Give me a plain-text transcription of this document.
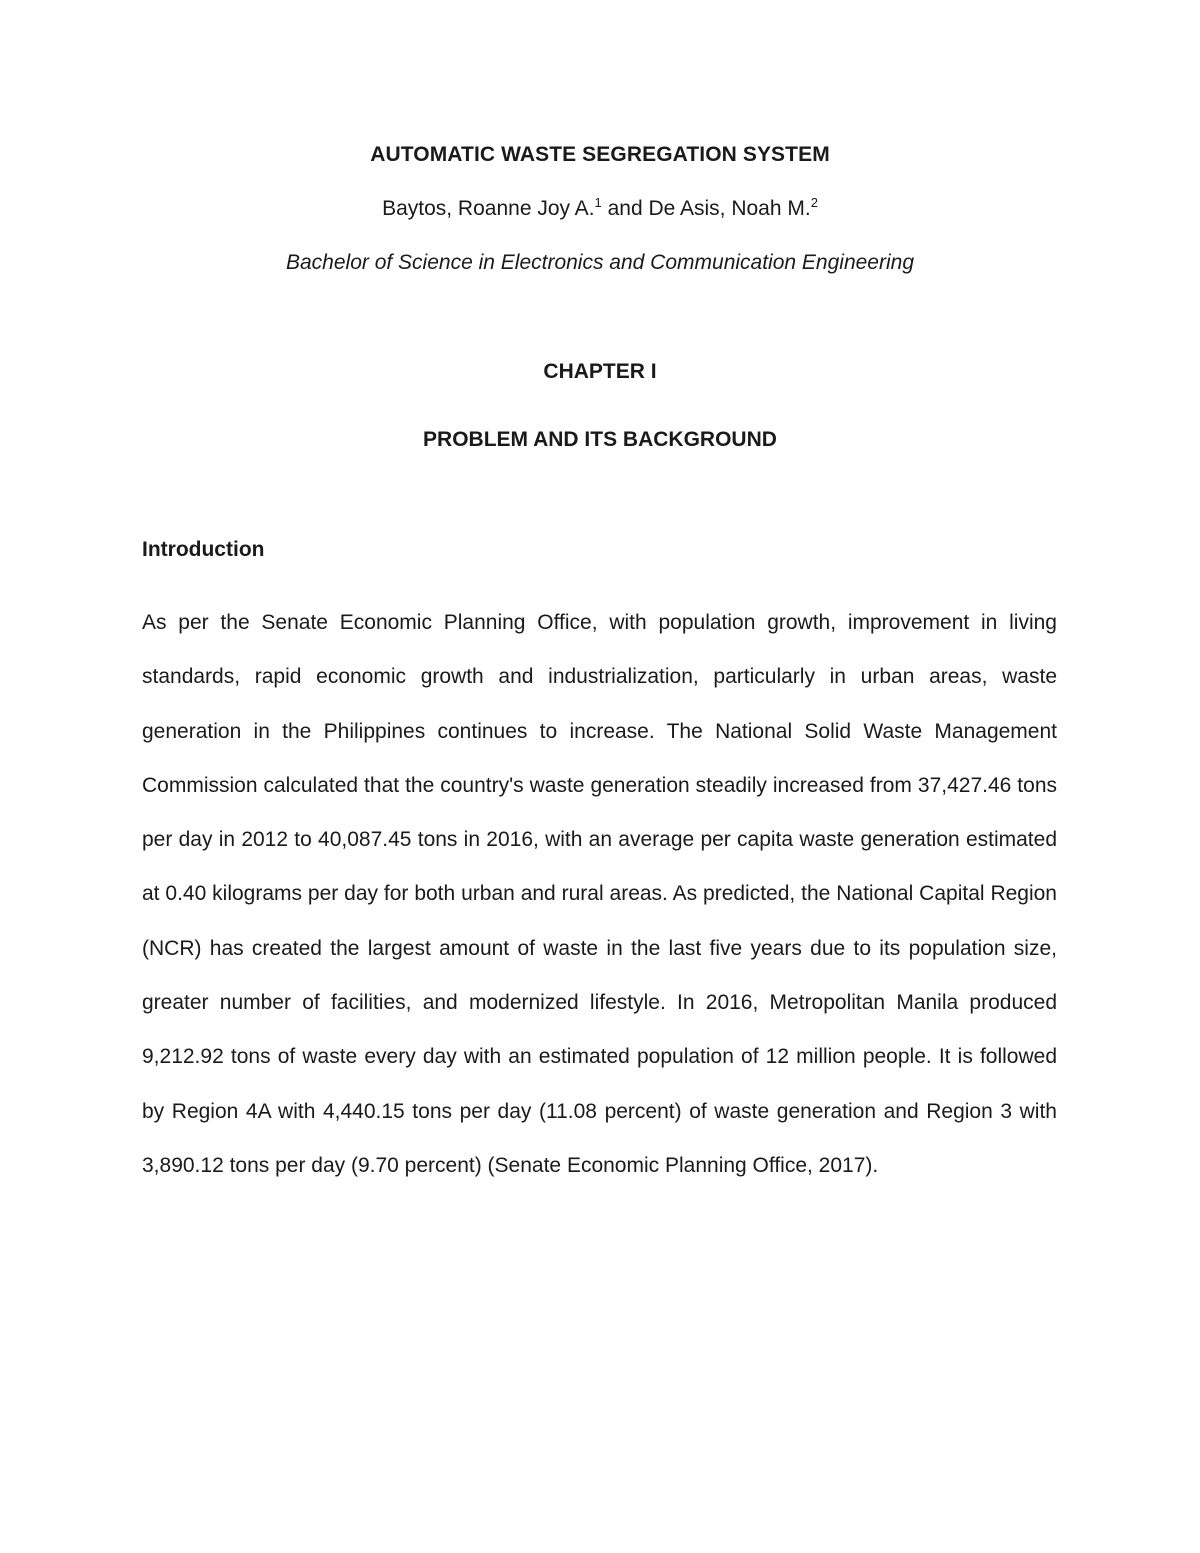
AUTOMATIC WASTE SEGREGATION SYSTEM
Baytos, Roanne Joy A.$^1$ and De Asis, Noah M.$^2$
Bachelor of Science in Electronics and Communication Engineering
CHAPTER I
PROBLEM AND ITS BACKGROUND
Introduction
As per the Senate Economic Planning Office, with population growth, improvement in living standards, rapid economic growth and industrialization, particularly in urban areas, waste generation in the Philippines continues to increase. The National Solid Waste Management Commission calculated that the country's waste generation steadily increased from 37,427.46 tons per day in 2012 to 40,087.45 tons in 2016, with an average per capita waste generation estimated at 0.40 kilograms per day for both urban and rural areas. As predicted, the National Capital Region (NCR) has created the largest amount of waste in the last five years due to its population size, greater number of facilities, and modernized lifestyle. In 2016, Metropolitan Manila produced 9,212.92 tons of waste every day with an estimated population of 12 million people. It is followed by Region 4A with 4,440.15 tons per day (11.08 percent) of waste generation and Region 3 with 3,890.12 tons per day (9.70 percent) (Senate Economic Planning Office, 2017).
